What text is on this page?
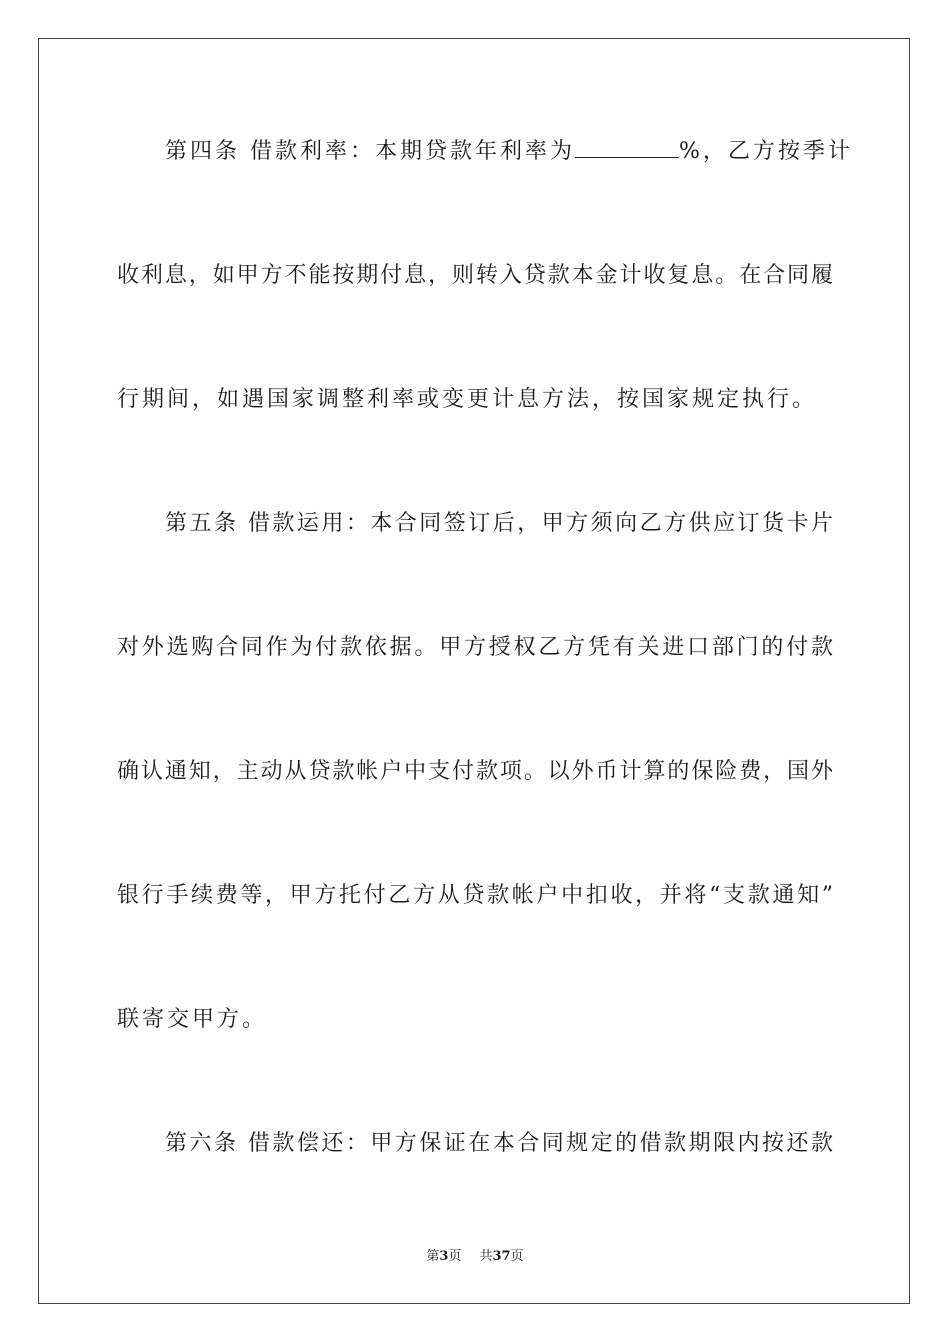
第四条 借款利率：本期贷款年利率为	%，乙方按季计
收利息，如甲方不能按期付息，则转入贷款本金计收复息。在合同履
行期间，如遇国家调整利率或变更计息方法，按国家规定执行。
第五条 借款运用：本合同签订后，甲方须向乙方供应订货卡片
对外选购合同作为付款依据。甲方授权乙方凭有关进口部门的付款
确认通知，主动从贷款帐户中支付款项。以外币计算的保险费，国外
银行手续费等，甲方托付乙方从贷款帐户中扣收，并将“支款通知”
联寄交甲方。
第六条 借款偿还：甲方保证在本合同规定的借款期限内按还款
第3页 共37页
